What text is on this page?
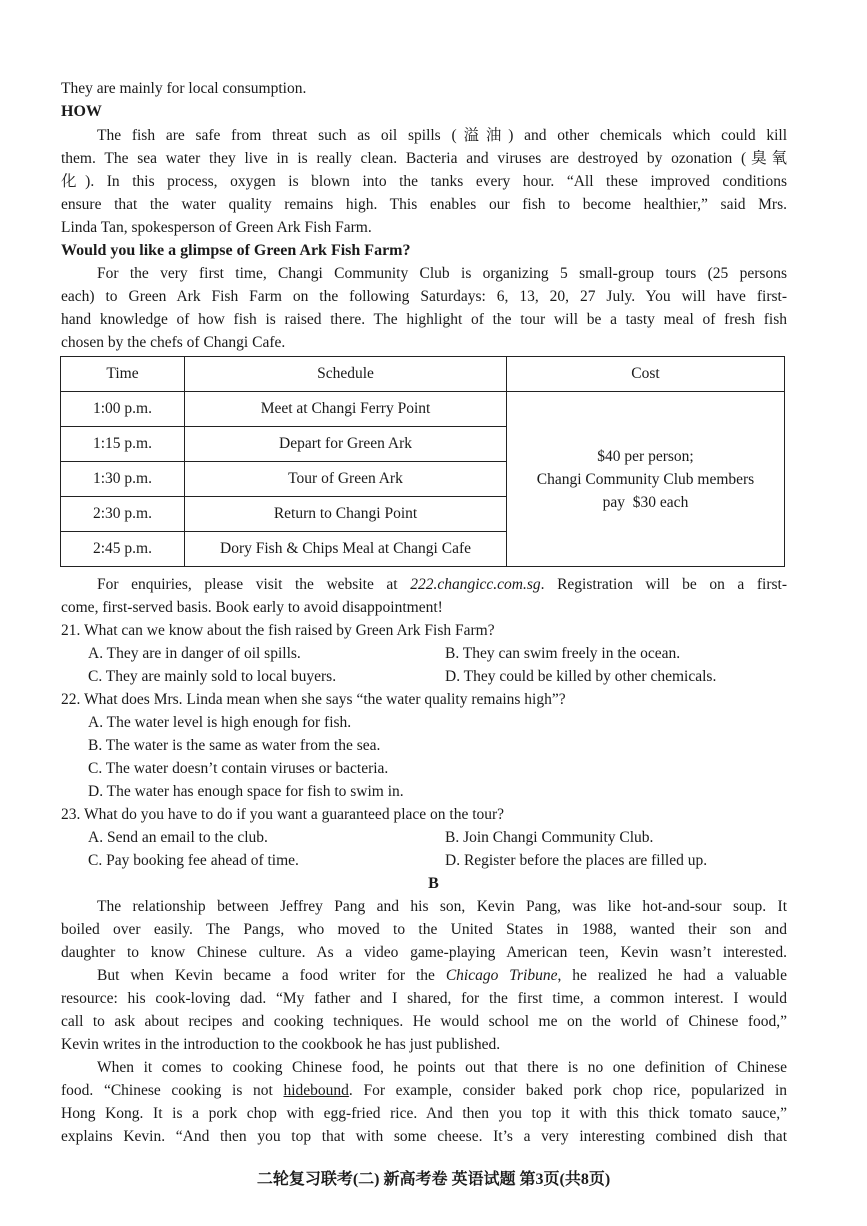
They are mainly for local consumption.
HOW
The fish are safe from threat such as oil spills (溢油) and other chemicals which could kill
them. The sea water they live in is really clean. Bacteria and viruses are destroyed by ozonation (臭氧
化). In this process, oxygen is blown into the tanks every hour. “All these improved conditions
ensure that the water quality remains high. This enables our fish to become healthier,” said Mrs.
Linda Tan, spokesperson of Green Ark Fish Farm.
Would you like a glimpse of Green Ark Fish Farm?
For the very first time, Changi Community Club is organizing 5 small-group tours (25 persons
each) to Green Ark Fish Farm on the following Saturdays: 6, 13, 20, 27 July. You will have first-
hand knowledge of how fish is raised there. The highlight of the tour will be a tasty meal of fresh fish
chosen by the chefs of Changi Cafe.
Time	Schedule	Cost
1:00 p.m.	Meet at Changi Ferry Point	$40 per person;
Changi Community Club members
pay  $30 each

1:15 p.m.	Depart for Green Ark	
1:30 p.m.	Tour of Green Ark	
2:30 p.m.	Return to Changi Point	
2:45 p.m.	Dory Fish & Chips Meal at Changi Cafe	
For enquiries, please visit the website at 222.changicc.com.sg. Registration will be on a first-
come, first-served basis. Book early to avoid disappointment!
21. What can we know about the fish raised by Green Ark Fish Farm?
A. They are in danger of oil spills.	B. They can swim freely in the ocean.
C. They are mainly sold to local buyers.	D. They could be killed by other chemicals.
22. What does Mrs. Linda mean when she says “the water quality remains high”?
A. The water level is high enough for fish.
B. The water is the same as water from the sea.
C. The water doesn’t contain viruses or bacteria.
D. The water has enough space for fish to swim in.
23. What do you have to do if you want a guaranteed place on the tour?
A. Send an email to the club.	B. Join Changi Community Club.
C. Pay booking fee ahead of time.	D. Register before the places are filled up.
B
The relationship between Jeffrey Pang and his son, Kevin Pang, was like hot-and-sour soup. It
boiled over easily. The Pangs, who moved to the United States in 1988, wanted their son and
daughter to know Chinese culture. As a video game-playing American teen, Kevin wasn’t interested.
But when Kevin became a food writer for the Chicago Tribune, he realized he had a valuable
resource: his cook-loving dad. “My father and I shared, for the first time, a common interest. I would
call to ask about recipes and cooking techniques. He would school me on the world of Chinese food,”
Kevin writes in the introduction to the cookbook he has just published.
When it comes to cooking Chinese food, he points out that there is no one definition of Chinese
food. “Chinese cooking is not hidebound. For example, consider baked pork chop rice, popularized in
Hong Kong. It is a pork chop with egg-fried rice. And then you top it with this thick tomato sauce,”
explains Kevin. “And then you top that with some cheese. It’s a very interesting combined dish that
二轮复习联考(二) 新高考卷 英语试题 第3页(共8页)
